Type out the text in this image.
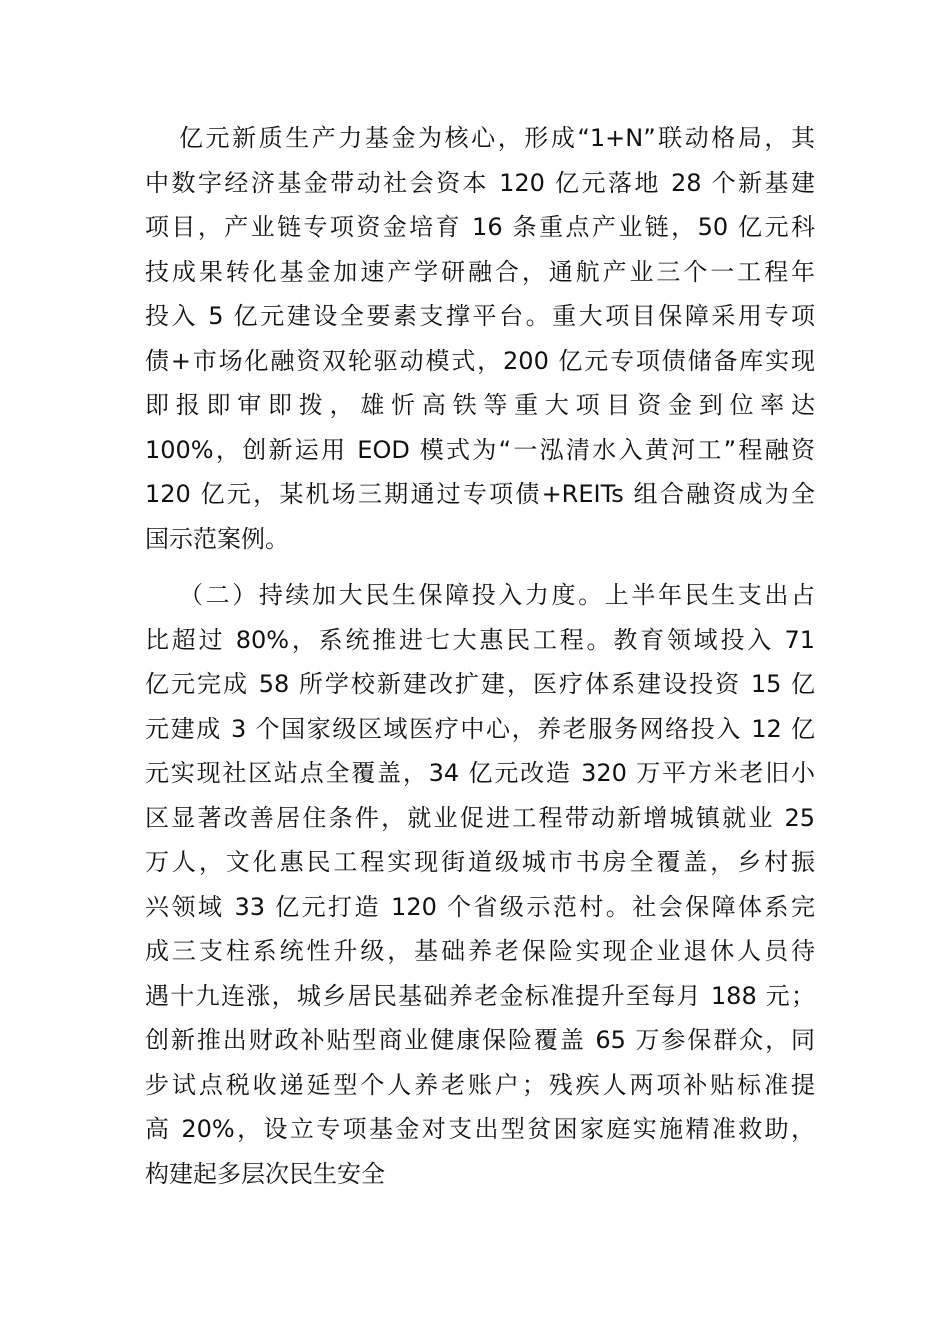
亿元新质生产力基金为核心，形成“1+N”联动格局，其
中数字经济基金带动社会资本 120 亿元落地 28 个新基建
项目，产业链专项资金培育 16 条重点产业链，50 亿元科
技成果转化基金加速产学研融合，通航产业三个一工程年
投入 5 亿元建设全要素支撑平台。重大项目保障采用专项
债+市场化融资双轮驱动模式，200 亿元专项债储备库实现
即报即审即拨，雄忻高铁等重大项目资金到位率达
100%，创新运用 EOD 模式为“一泓清水入黄河工”程融资
120 亿元，某机场三期通过专项债+REITs 组合融资成为全
国示范案例。
（二）持续加大民生保障投入力度。上半年民生支出占
比超过 80%，系统推进七大惠民工程。教育领域投入 71
亿元完成 58 所学校新建改扩建，医疗体系建设投资 15 亿
元建成 3 个国家级区域医疗中心，养老服务网络投入 12 亿
元实现社区站点全覆盖，34 亿元改造 320 万平方米老旧小
区显著改善居住条件，就业促进工程带动新增城镇就业 25
万人，文化惠民工程实现街道级城市书房全覆盖，乡村振
兴领域 33 亿元打造 120 个省级示范村。社会保障体系完
成三支柱系统性升级，基础养老保险实现企业退休人员待
遇十九连涨，城乡居民基础养老金标准提升至每月 188 元；
创新推出财政补贴型商业健康保险覆盖 65 万参保群众，同
步试点税收递延型个人养老账户；残疾人两项补贴标准提
高 20%，设立专项基金对支出型贫困家庭实施精准救助，
构建起多层次民生安全
